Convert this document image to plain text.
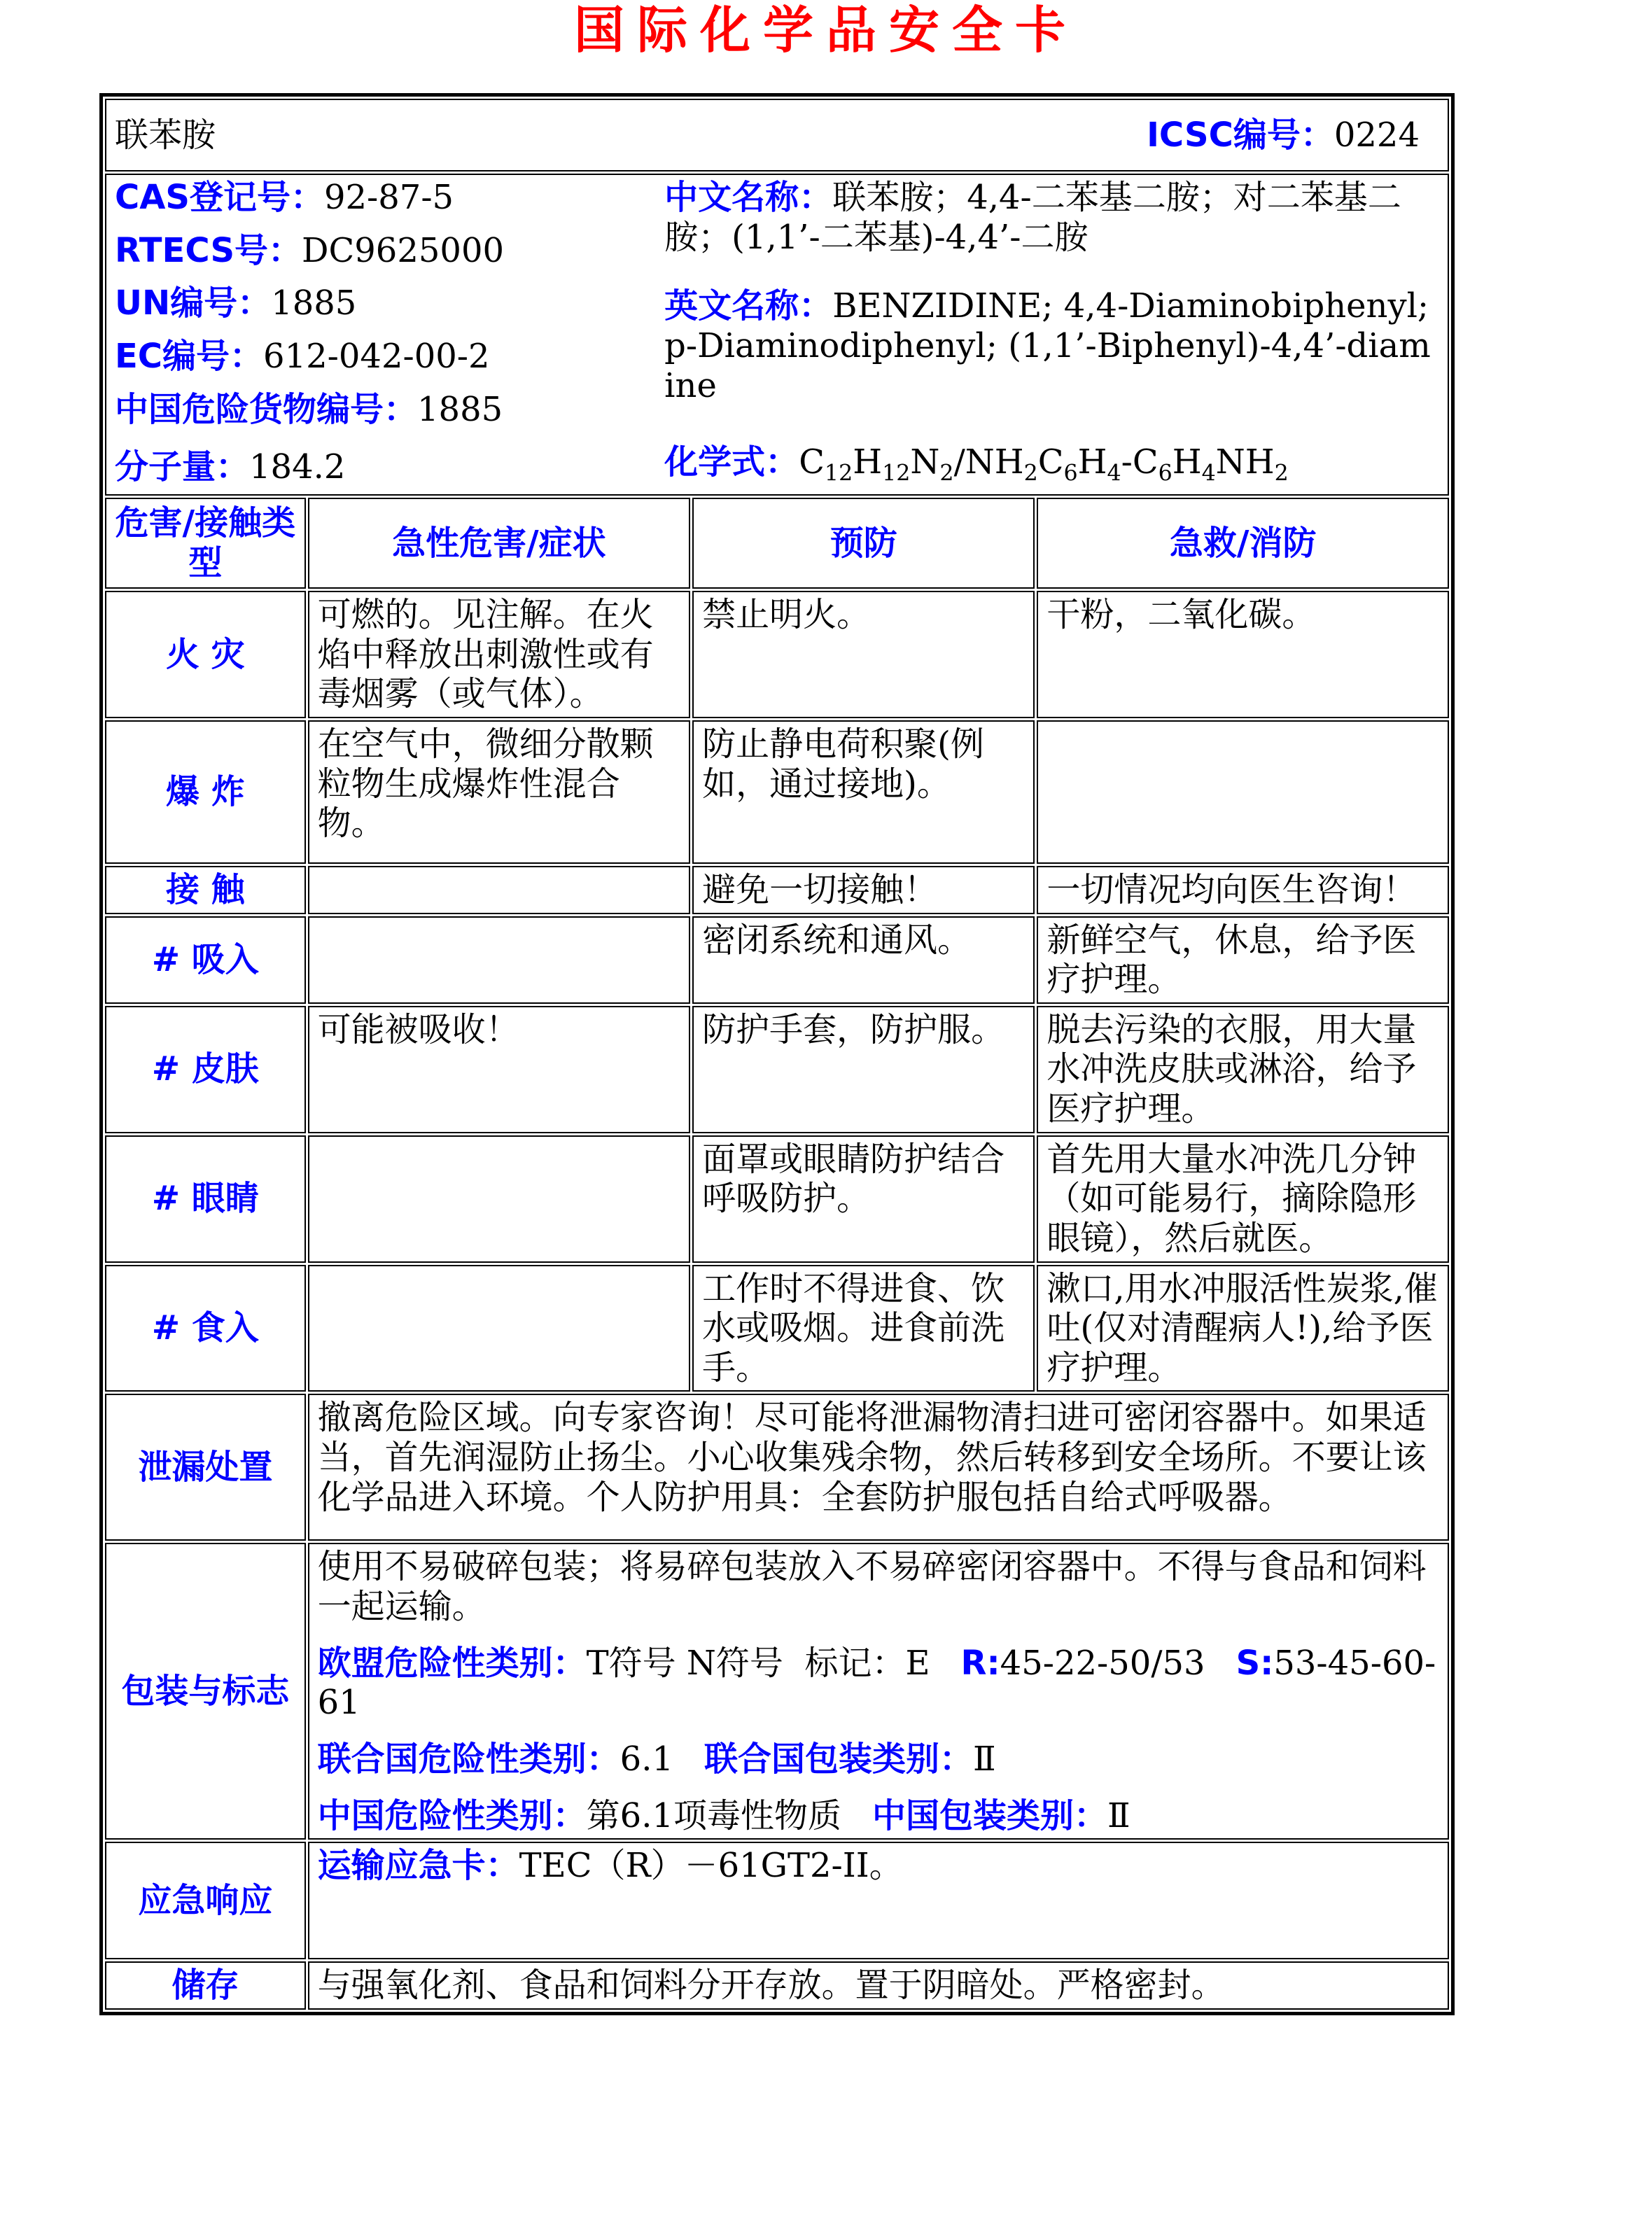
国际化学品安全卡
联苯胺 ICSC编号：0224			

CAS登记号：92-87-5
RTECS号：DC9625000
UN编号：1885
EC编号：612-042-00-2
中国危险货物编号：1885
分子量：184.2
中文名称：联苯胺；4,4-二苯基二胺；对二苯基二胺；(1,1’-二苯基)-4,4’-二胺
英文名称：BENZIDINE; 4,4-Diaminobiphenyl; p-Diaminodiphenyl; (1,1’-Biphenyl)-4,4’-diamine
化学式：$C_{12}H_{12}N_2/NH_2C_6H_4-C_6H_4NH_2$

危害/接触类型	急性危害/症状	预防	急救/消防
火 灾	可燃的。见注解。在火焰中释放出刺激性或有毒烟雾（或气体）。	禁止明火。	干粉，二氧化碳。
爆 炸	在空气中，微细分散颗粒物生成爆炸性混合物。	防止静电荷积聚(例如，通过接地)。	
接 触		避免一切接触！	一切情况均向医生咨询！
# 吸入		密闭系统和通风。	新鲜空气，休息，给予医疗护理。
# 皮肤	可能被吸收！	防护手套，防护服。	脱去污染的衣服，用大量水冲洗皮肤或淋浴，给予医疗护理。
# 眼睛		面罩或眼睛防护结合呼吸防护。	首先用大量水冲洗几分钟（如可能易行，摘除隐形眼镜），然后就医。
# 食入		工作时不得进食、饮水或吸烟。进食前洗手。	漱口,用水冲服活性炭浆,催吐(仅对清醒病人!),给予医疗护理。
泄漏处置	撤离危险区域。向专家咨询！尽可能将泄漏物清扫进可密闭容器中。如果适当，首先润湿防止扬尘。小心收集残余物，然后转移到安全场所。不要让该化学品进入环境。个人防护用具：全套防护服包括自给式呼吸器。		
包装与标志	使用不易破碎包装；将易碎包装放入不易碎密闭容器中。不得与食品和饲料一起运输。
欧盟危险性类别：T符号 N符号  标记：E R:45-22-50/53 S:53-45-60-61
联合国危险性类别：6.1 联合国包装类别：Ⅱ
中国危险性类别：第6.1项毒性物质 中国包装类别：Ⅱ		

应急响应	运输应急卡：TEC（R）－61GT2-II。		
储存	与强氧化剂、食品和饲料分开存放。置于阴暗处。严格密封。		
